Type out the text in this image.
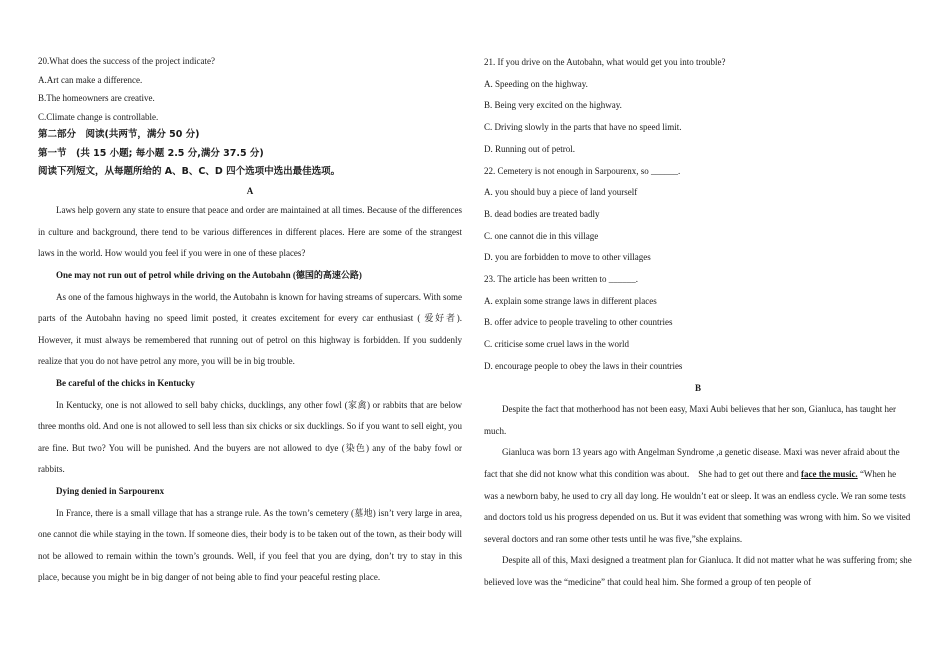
20.What does the success of the project indicate?

A.Art can make a difference.

B.The homeowners are creative.

C.Climate change is controllable.

第二部分　阅读(共两节，满分 50 分)

第一节　(共 15 小题; 每小题 2.5 分,满分 37.5 分)

阅读下列短文，从每题所给的 A、B、C、D 四个选项中选出最佳选项。

A

Laws help govern any state to ensure that peace and order are maintained at all times. Because of the differences in culture and background, there tend to be various differences in different places. Here are some of the strangest laws in the world. How would you feel if you were in one of these places?

One may not run out of petrol while driving on the Autobahn (德国的高速公路)

As one of the famous highways in the world, the Autobahn is known for having streams of supercars. With some parts of the Autobahn having no speed limit posted, it creates excitement for every car enthusiast ( 爱好者). However, it must always be remembered that running out of petrol on this highway is forbidden. If you suddenly realize that you do not have petrol any more, you will be in big trouble.

Be careful of the chicks in Kentucky

In Kentucky, one is not allowed to sell baby chicks, ducklings, any other fowl (家禽) or rabbits that are below three months old. And one is not allowed to sell less than six chicks or six ducklings. So if you want to sell eight, you are fine. But two? You will be punished. And the buyers are not allowed to dye (染色) any of the baby fowl or rabbits.

Dying denied in Sarpourenx

In France, there is a small village that has a strange rule. As the town’s cemetery (墓地) isn’t very large in area, one cannot die while staying in the town. If someone dies, their body is to be taken out of the town, as their body will not be allowed to remain within the town’s grounds. Well, if you feel that you are dying, don’t try to stay in this place, because you might be in big danger of not being able to find your peaceful resting place.

21. If you drive on the Autobahn, what would get you into trouble?

A. Speeding on the highway.

B. Being very excited on the highway.

C. Driving slowly in the parts that have no speed limit.

D. Running out of petrol.

22. Cemetery is not enough in Sarpourenx, so ______.

A. you should buy a piece of land yourself

B. dead bodies are treated badly

C. one cannot die in this village

D. you are forbidden to move to other villages

23. The article has been written to ______.

A. explain some strange laws in different places

B. offer advice to people traveling to other countries

C. criticise some cruel laws in the world

D. encourage people to obey the laws in their countries

B

Despite the fact that motherhood has not been easy, Maxi Aubi believes that her son, Gianluca, has taught her much.

Gianluca was born 13 years ago with Angelman Syndrome ,a genetic disease. Maxi was never afraid about the fact that she did not know what this condition was about.　She had to get out there and face the music. “When he was a newborn baby, he used to cry all day long. He wouldn’t eat or sleep. It was an endless cycle. We ran some tests and doctors told us his progress depended on us. But it was evident that something was wrong with him. So we visited several doctors and ran some other tests until he was five,”she explains.

Despite all of this, Maxi designed a treatment plan for Gianluca. It did not matter what he was suffering from; she believed love was the “medicine” that could heal him. She formed a group of ten people of
